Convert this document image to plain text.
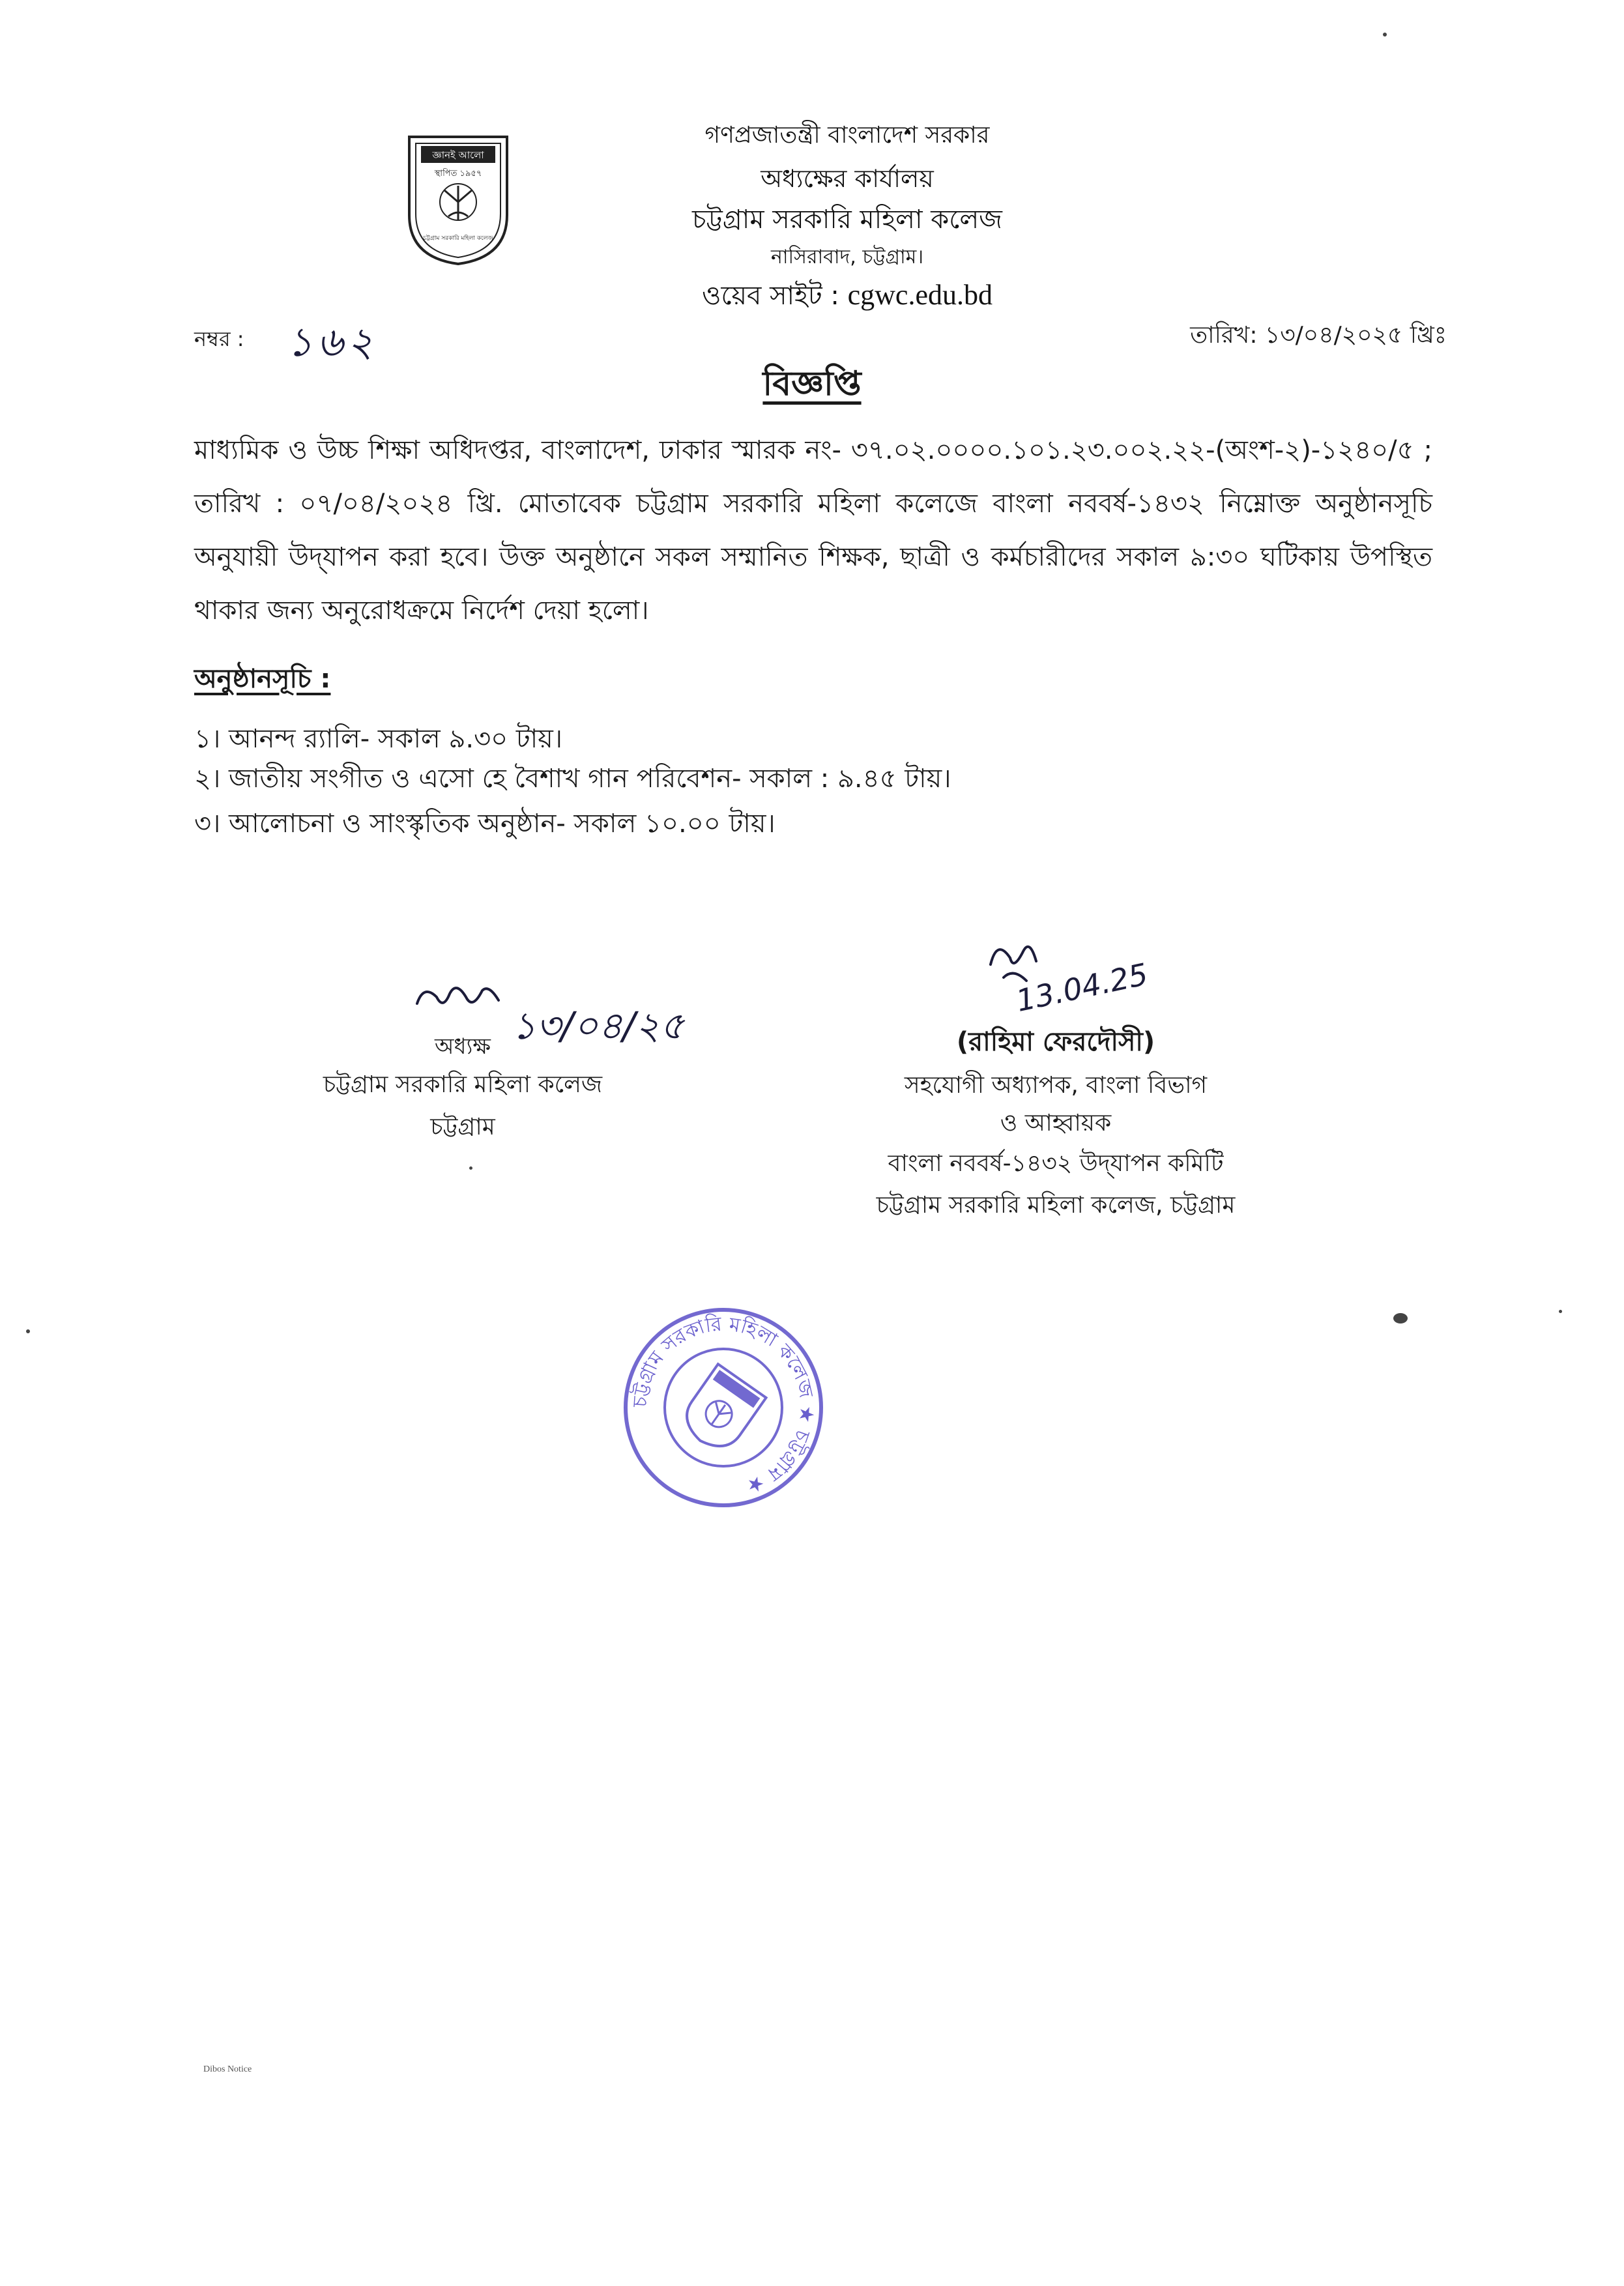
জ্ঞানই আলো
স্থাপিত ১৯৫৭
চট্টগ্রাম সরকারি মহিলা কলেজ
গণপ্রজাতন্ত্রী বাংলাদেশ সরকার
অধ্যক্ষের কার্যালয়
চট্টগ্রাম সরকারি মহিলা কলেজ
নাসিরাবাদ, চট্টগ্রাম।
ওয়েব সাইট : cgwc.edu.bd
নম্বর : ১৬২	তারিখ: ১৩/০৪/২০২৫ খ্রিঃ
বিজ্ঞপ্তি
মাধ্যমিক ও উচ্চ শিক্ষা অধিদপ্তর, বাংলাদেশ, ঢাকার স্মারক নং- ৩৭.০২.০০০০.১০১.২৩.০০২.২২-(অংশ-২)-১২৪০/৫ ; তারিখ : ০৭/০৪/২০২৪ খ্রি. মোতাবেক চট্টগ্রাম সরকারি মহিলা কলেজে বাংলা নববর্ষ-১৪৩২ নিম্নোক্ত অনুষ্ঠানসূচি অনুযায়ী উদ্‌যাপন করা হবে। উক্ত অনুষ্ঠানে সকল সম্মানিত শিক্ষক, ছাত্রী ও কর্মচারীদের সকাল ৯:৩০ ঘটিকায় উপস্থিত থাকার জন্য অনুরোধক্রমে নির্দেশ দেয়া হলো।
অনুষ্ঠানসূচি :
১। আনন্দ র‍্যালি- সকাল ৯.৩০ টায়।
২। জাতীয় সংগীত ও এসো হে বৈশাখ গান পরিবেশন- সকাল : ৯.৪৫ টায়।
৩। আলোচনা ও সাংস্কৃতিক অনুষ্ঠান- সকাল ১০.০০ টায়।
১৩/০৪/২৫
অধ্যক্ষ
চট্টগ্রাম সরকারি মহিলা কলেজ
চট্টগ্রাম
13.04.25
(রাহিমা ফেরদৌসী)
সহযোগী অধ্যাপক, বাংলা বিভাগ
ও আহ্বায়ক
বাংলা নববর্ষ-১৪৩২ উদ্‌যাপন কমিটি
চট্টগ্রাম সরকারি মহিলা কলেজ, চট্টগ্রাম
চট্টগ্রাম সরকারি মহিলা কলেজ ★ চট্টগ্রাম ★
Dibos Notice
